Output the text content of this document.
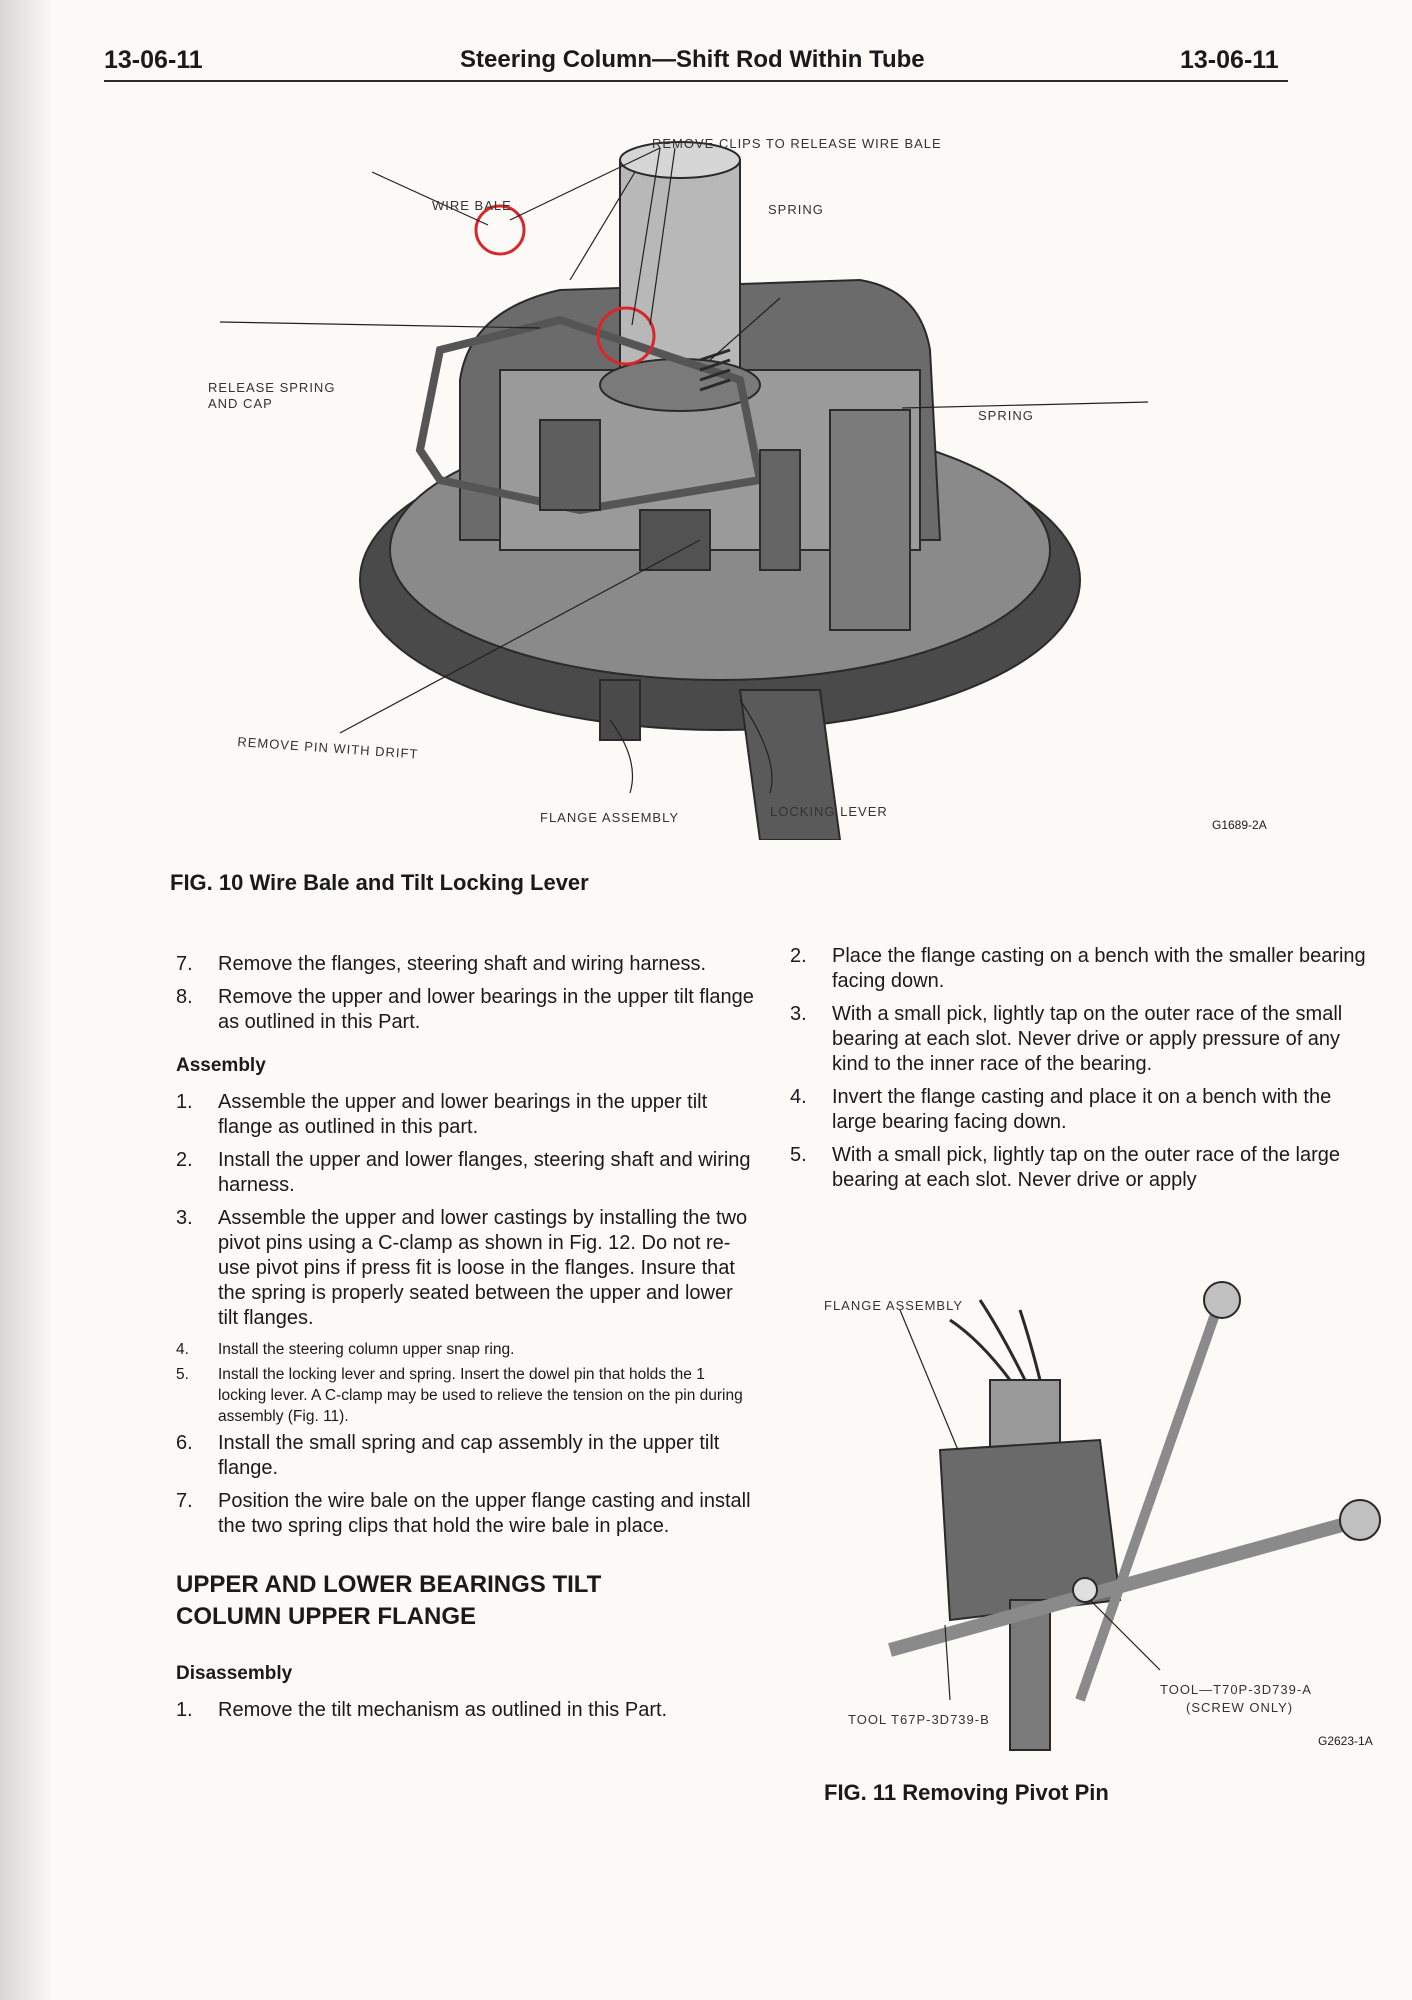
13-06-11	Steering Column—Shift Rod Within Tube	13-06-11
REMOVE CLIPS TO RELEASE WIRE BALE
WIRE BALE	SPRING
RELEASE SPRING
AND CAP
SPRING
REMOVE PIN WITH DRIFT
FLANGE ASSEMBLY	LOCKING LEVER
G1689-2A
FIG. 10 Wire Bale and Tilt Locking Lever
7. Remove the flanges, steering shaft and wiring harness.
8. Remove the upper and lower bearings in the upper tilt flange as outlined in this Part.
Assembly
1. Assemble the upper and lower bearings in the upper tilt flange as outlined in this part.
2. Install the upper and lower flanges, steering shaft and wiring harness.
3. Assemble the upper and lower castings by installing the two pivot pins using a C-clamp as shown in Fig. 12. Do not re-use pivot pins if press fit is loose in the flanges. Insure that the spring is properly seated between the upper and lower tilt flanges.
4. Install the steering column upper snap ring.
5. Install the locking lever and spring. Insert the dowel pin that holds the 1 locking lever. A C-clamp may be used to relieve the tension on the pin during assembly (Fig. 11).
6. Install the small spring and cap assembly in the upper tilt flange.
7. Position the wire bale on the upper flange casting and install the two spring clips that hold the wire bale in place.
UPPER AND LOWER BEARINGS TILT
COLUMN UPPER FLANGE
Disassembly
1. Remove the tilt mechanism as outlined in this Part.
2. Place the flange casting on a bench with the smaller bearing facing down.
3. With a small pick, lightly tap on the outer race of the small bearing at each slot. Never drive or apply pressure of any kind to the inner race of the bearing.
4. Invert the flange casting and place it on a bench with the large bearing facing down.
5. With a small pick, lightly tap on the outer race of the large bearing at each slot. Never drive or apply
FLANGE ASSEMBLY
TOOL T67P-3D739-B
TOOL—T70P-3D739-A
(SCREW ONLY)
G2623-1A
FIG. 11 Removing Pivot Pin
